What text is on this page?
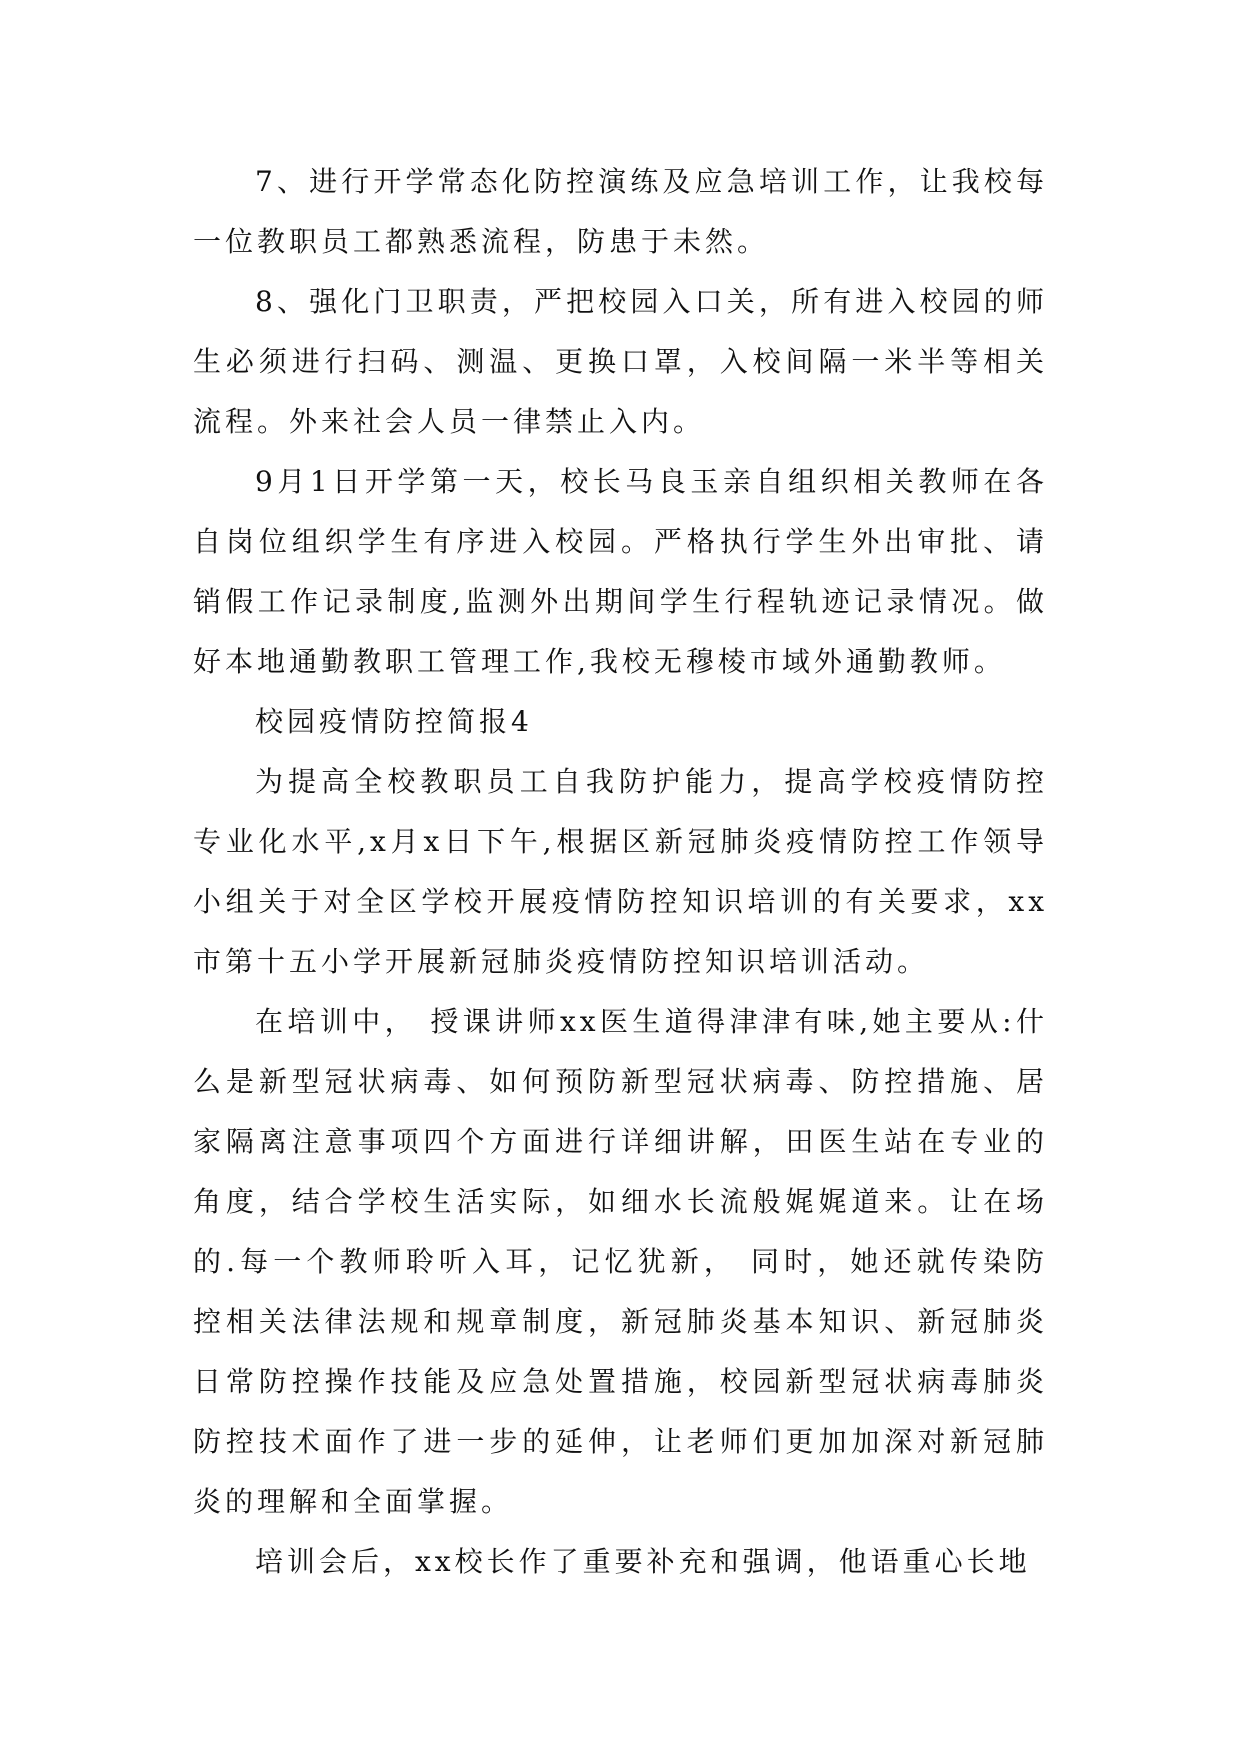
7、进行开学常态化防控演练及应急培训工作，让我校每一位教职员工都熟悉流程，防患于未然。

8、强化门卫职责，严把校园入口关，所有进入校园的师生必须进行扫码、测温、更换口罩，入校间隔一米半等相关流程。外来社会人员一律禁止入内。

9月1日开学第一天，校长马良玉亲自组织相关教师在各自岗位组织学生有序进入校园。严格执行学生外出审批、请销假工作记录制度,监测外出期间学生行程轨迹记录情况。做好本地通勤教职工管理工作,我校无穆棱市域外通勤教师。

校园疫情防控简报4

为提高全校教职员工自我防护能力，提高学校疫情防控专业化水平,x月x日下午,根据区新冠肺炎疫情防控工作领导小组关于对全区学校开展疫情防控知识培训的有关要求，xx市第十五小学开展新冠肺炎疫情防控知识培训活动。

在培训中， 授课讲师xx医生道得津津有味,她主要从:什么是新型冠状病毒、如何预防新型冠状病毒、防控措施、居家隔离注意事项四个方面进行详细讲解，田医生站在专业的角度，结合学校生活实际，如细水长流般娓娓道来。让在场的.每一个教师聆听入耳，记忆犹新， 同时，她还就传染防控相关法律法规和规章制度，新冠肺炎基本知识、新冠肺炎日常防控操作技能及应急处置措施，校园新型冠状病毒肺炎防控技术面作了进一步的延伸，让老师们更加加深对新冠肺炎的理解和全面掌握。

培训会后，xx校长作了重要补充和强调，他语重心长地
